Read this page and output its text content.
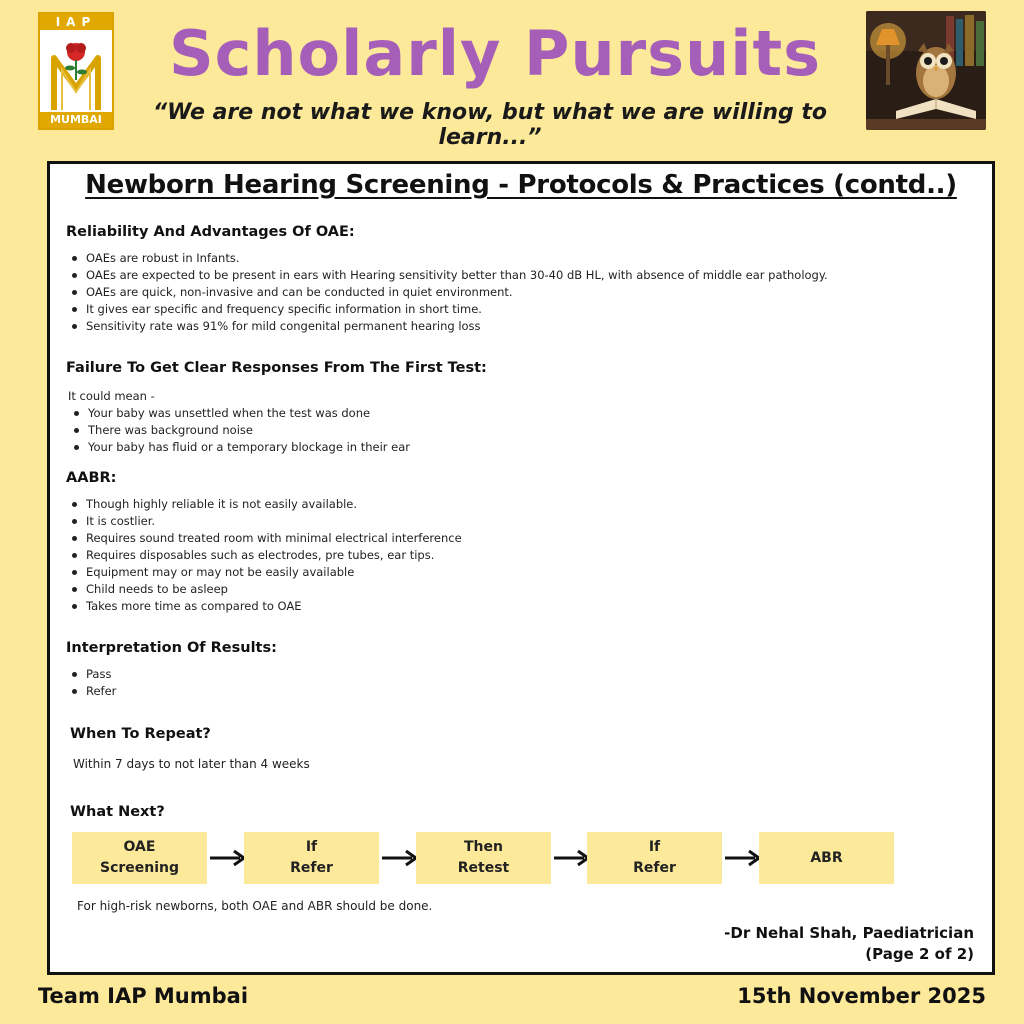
IAP
MUMBAI
Scholarly Pursuits
“We are not what we know, but what we are willing to learn...”
Newborn Hearing Screening - Protocols & Practices (contd..)
Reliability And Advantages Of OAE:
OAEs are robust in Infants.
OAEs are expected to be present in ears with Hearing sensitivity better than 30-40 dB HL, with absence of middle ear pathology.
OAEs are quick, non-invasive and can be conducted in quiet environment.
It gives ear specific and frequency specific information in short time.
Sensitivity rate was 91% for mild congenital permanent hearing loss
Failure To Get Clear Responses From The First Test:
It could mean -
Your baby was unsettled when the test was done
There was background noise
Your baby has fluid or a temporary blockage in their ear
AABR:
Though highly reliable it is not easily available.
It is costlier.
Requires sound treated room with minimal electrical interference
Requires disposables such as electrodes, pre tubes, ear tips.
Equipment may or may not be easily available
Child needs to be asleep
Takes more time as compared to OAE
Interpretation Of Results:
Pass
Refer
When To Repeat?
Within 7 days to not later than 4 weeks
What Next?
OAE
Screening
If
Refer
Then
Retest
If
Refer
ABR
For high-risk newborns, both OAE and ABR should be done.
-Dr Nehal Shah, Paediatrician
(Page 2 of 2)
Team IAP Mumbai	15th November 2025
